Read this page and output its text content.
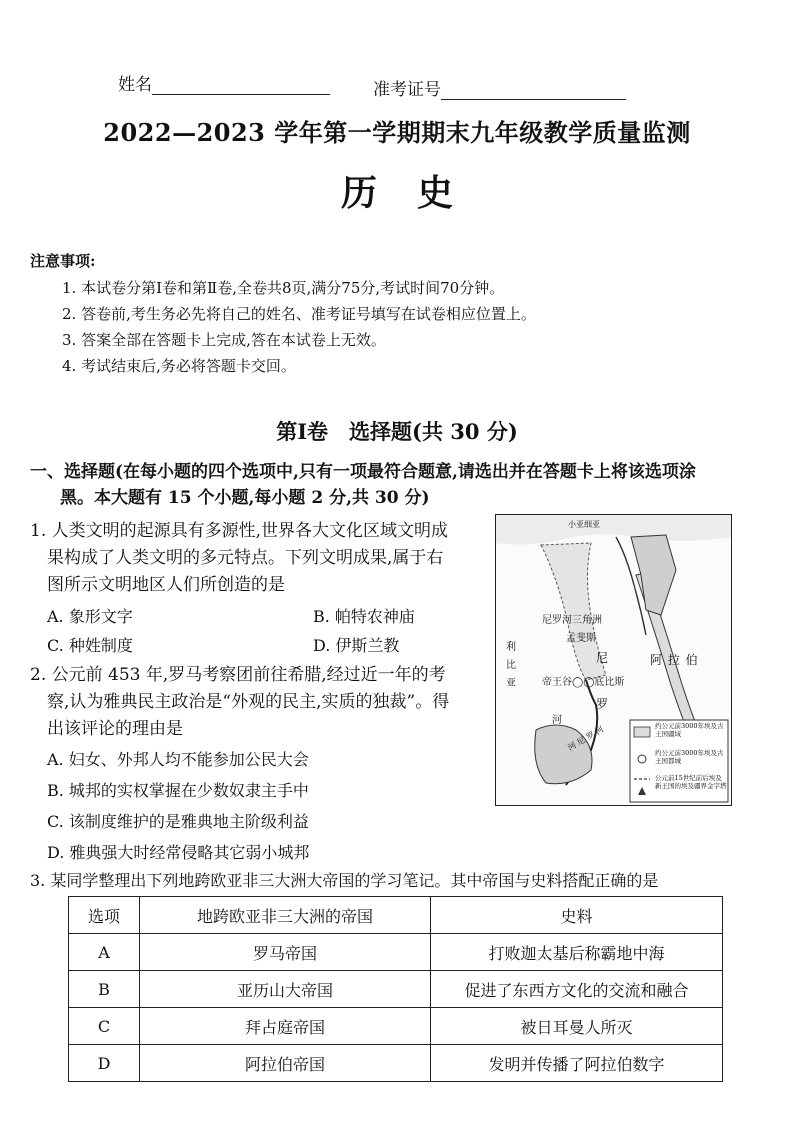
姓名	准考证号
2022—2023 学年第一学期期末九年级教学质量监测
历史
注意事项:
1. 本试卷分第Ⅰ卷和第Ⅱ卷,全卷共8页,满分75分,考试时间70分钟。
2. 答卷前,考生务必先将自己的姓名、准考证号填写在试卷相应位置上。
3. 答案全部在答题卡上完成,答在本试卷上无效。
4. 考试结束后,务必将答题卡交回。
第Ⅰ卷　选择题(共 30 分)
一、选择题(在每小题的四个选项中,只有一项最符合题意,请选出并在答题卡上将该选项涂
黑。本大题有 15 个小题,每小题 2 分,共 30 分)
1. 人类文明的起源具有多源性,世界各大文化区域文明成
果构成了人类文明的多元特点。下列文明成果,属于右
图所示文明地区人们所创造的是
A. 象形文字	B. 帕特农神庙
C. 种姓制度	D. 伊斯兰教
小亚细亚
尼罗河三角洲
孟斐斯
尼
帝王谷◯◯底比斯
罗
阿 拉 伯
利 比 亚
河
河 尼 罗 河	约公元前3000年埃及古王国疆域
约公元前3000年埃及古王国都城
公元前15世纪前后埃及新王国的埃及疆界金字塔
2. 公元前 453 年,罗马考察团前往希腊,经过近一年的考
察,认为雅典民主政治是“外观的民主,实质的独裁”。得
出该评论的理由是
A. 妇女、外邦人均不能参加公民大会
B. 城邦的实权掌握在少数奴隶主手中
C. 该制度维护的是雅典地主阶级利益
D. 雅典强大时经常侵略其它弱小城邦
3. 某同学整理出下列地跨欧亚非三大洲大帝国的学习笔记。其中帝国与史料搭配正确的是
选项	地跨欧亚非三大洲的帝国	史料
A	罗马帝国	打败迦太基后称霸地中海
B	亚历山大帝国	促进了东西方文化的交流和融合
C	拜占庭帝国	被日耳曼人所灭
D	阿拉伯帝国	发明并传播了阿拉伯数字
